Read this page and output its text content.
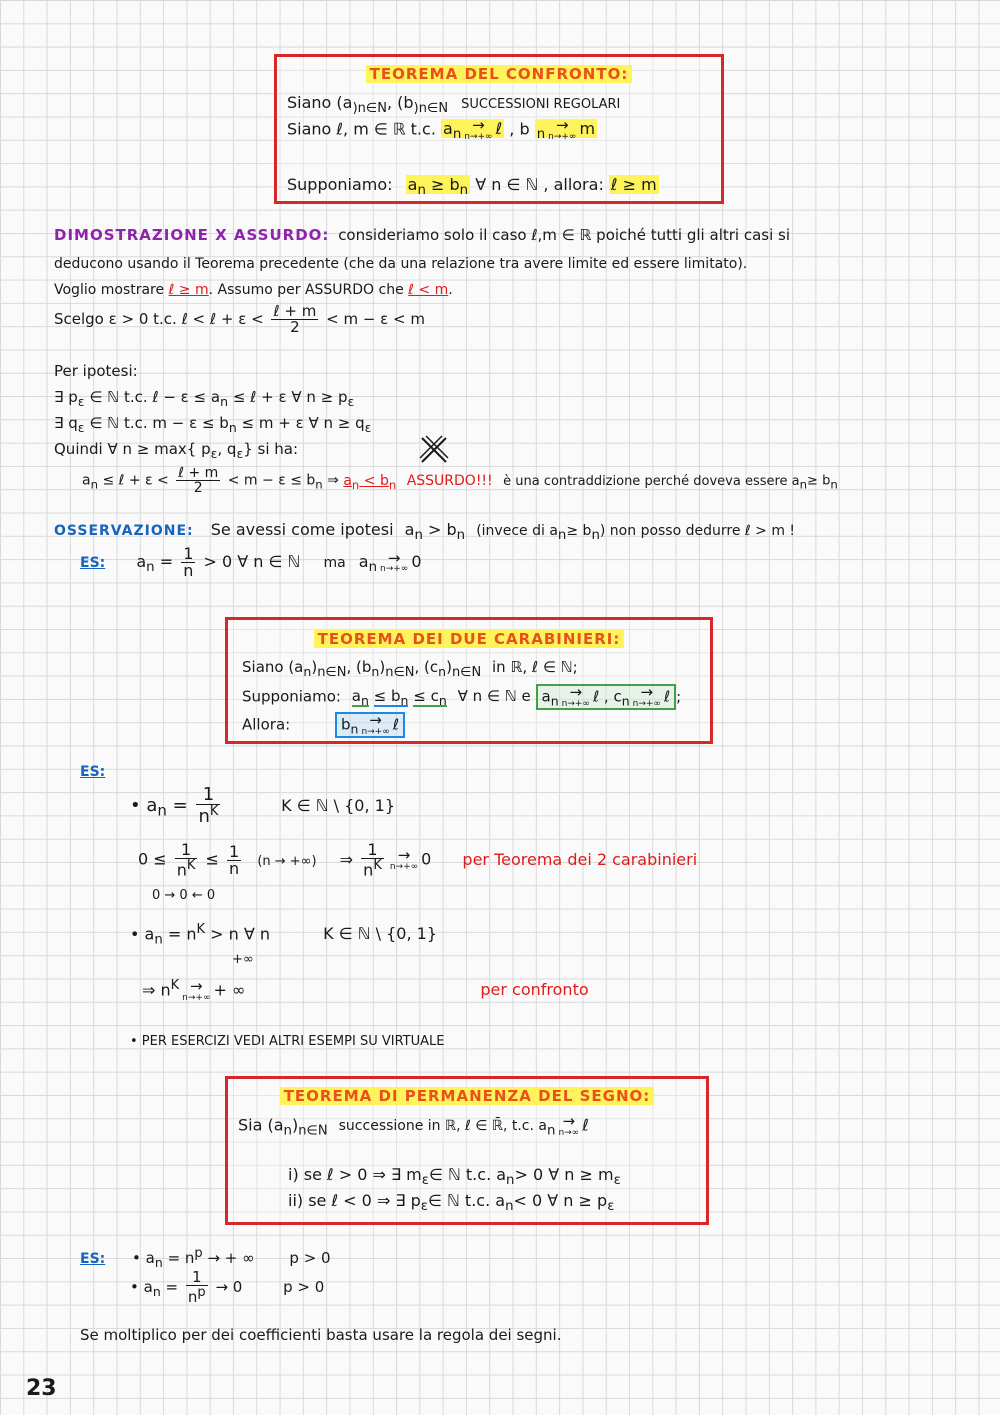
TEOREMA DEL CONFRONTO:
Siano ($a_{)n\in N}$, ($b_{)n\in N}$ SUCCESSIONI REGOLARI
Siano ℓ, m ∈ ℝ t.c. $a_n$
→
n→+∞ ℓ , b $_n$
→
n→+∞ m
Supponiamo: $a_n \ge b_n$ ∀ n ∈ ℕ , allora: ℓ ≥ m
DIMOSTRAZIONE X ASSURDO: consideriamo solo il caso ℓ,m ∈ ℝ poiché tutti gli altri casi si
deducono usando il Teorema precedente (che da una relazione tra avere limite ed essere limitato).
Voglio mostrare ℓ ≥ m. Assumo per ASSURDO che ℓ < m.
Scelgo ε > 0 t.c. ℓ < ℓ + $\varepsilon < \frac{\text{ℓ + m}}{2} < m - \varepsilon < m$
Per ipotesi:
∃ $p_\varepsilon$ ∈ ℕ t.c. ℓ − $\varepsilon \le a_n$ ≤ ℓ + ε ∀ $n \ge p_\varepsilon$
∃ $q_\varepsilon$ ∈ ℕ t.c. $m - \varepsilon \le b_n \le m + \varepsilon$ ∀ $n \ge q_\varepsilon$
Quindi ∀ n ≥ max{ $p_\varepsilon$, $q_\varepsilon$} si ha:
$a_n$ ≤ ℓ + $\varepsilon < \frac{\text{ℓ + m}}{2} < m - \varepsilon \le b_n$ ⇒ $a_n < b_n$ ASSURDO!!! è una contraddizione perché doveva essere $a_n\ge b_n$
OSSERVAZIONE: Se avessi come ipotesi $a_n > b_n$ (invece di $a_n\ge b_n$) non posso dedurre ℓ > m !
ES: $a_n = \frac{1}{n} > 0$ ∀ n ∈ ℕ ma $a_n$
→
n→+∞ 0
TEOREMA DEI DUE CARABINIERI:
Siano $(a_n)_{n\in N}$, $(b_n)_{n\in N}$, $(c_n)_{n\in N}$ in ℝ, ℓ ∈ ℕ;
Supponiamo: $a_n \le b_n \le c_n$ ∀ n ∈ ℕ e $a_n$ →
n→+∞ ℓ , $c_n$ →
n→+∞ ℓ ;
Allora:	$b_n$ →
n→+∞ ℓ
ES:
• $a_n = \frac{1}{n^K}$	K ∈ ℕ \ {0, 1}
$0 \le \frac{1}{n^K} \le \frac{1}{n} (n$ → +∞) ⇒ $\frac{1}{n^K}$ →
n→+∞ 0 per Teorema dei 2 carabinieri
0 → 0 ← 0
• $a_n = n^K > n$ ∀ n	K ∈ ℕ \ {0, 1}
+∞
⇒ $n^K$ →
n→+∞ + ∞	per confronto
• PER ESERCIZI VEDI ALTRI ESEMPI SU VIRTUALE
TEOREMA DI PERMANENZA DEL SEGNO:
Sia $(a_n)_{n\in N}$ successione in ℝ, ℓ ∈ ℝ̄, t.c. $a_n$
→
n→∞ ℓ
i) se ℓ > 0 ⇒ ∃ $m_\varepsilon\in$ ℕ t.c. $a_n> 0$ ∀ $n \ge m_\varepsilon$
ii) se ℓ < 0 ⇒ ∃ $p_\varepsilon\in$ ℕ t.c. $a_n< 0$ ∀ $n \ge p_\varepsilon$
ES: • $a_n = n^p$ → + ∞ p > 0
• $a_n = \frac{1}{n^p} \to 0$	p > 0
Se moltiplico per dei coefficienti basta usare la regola dei segni.
23
